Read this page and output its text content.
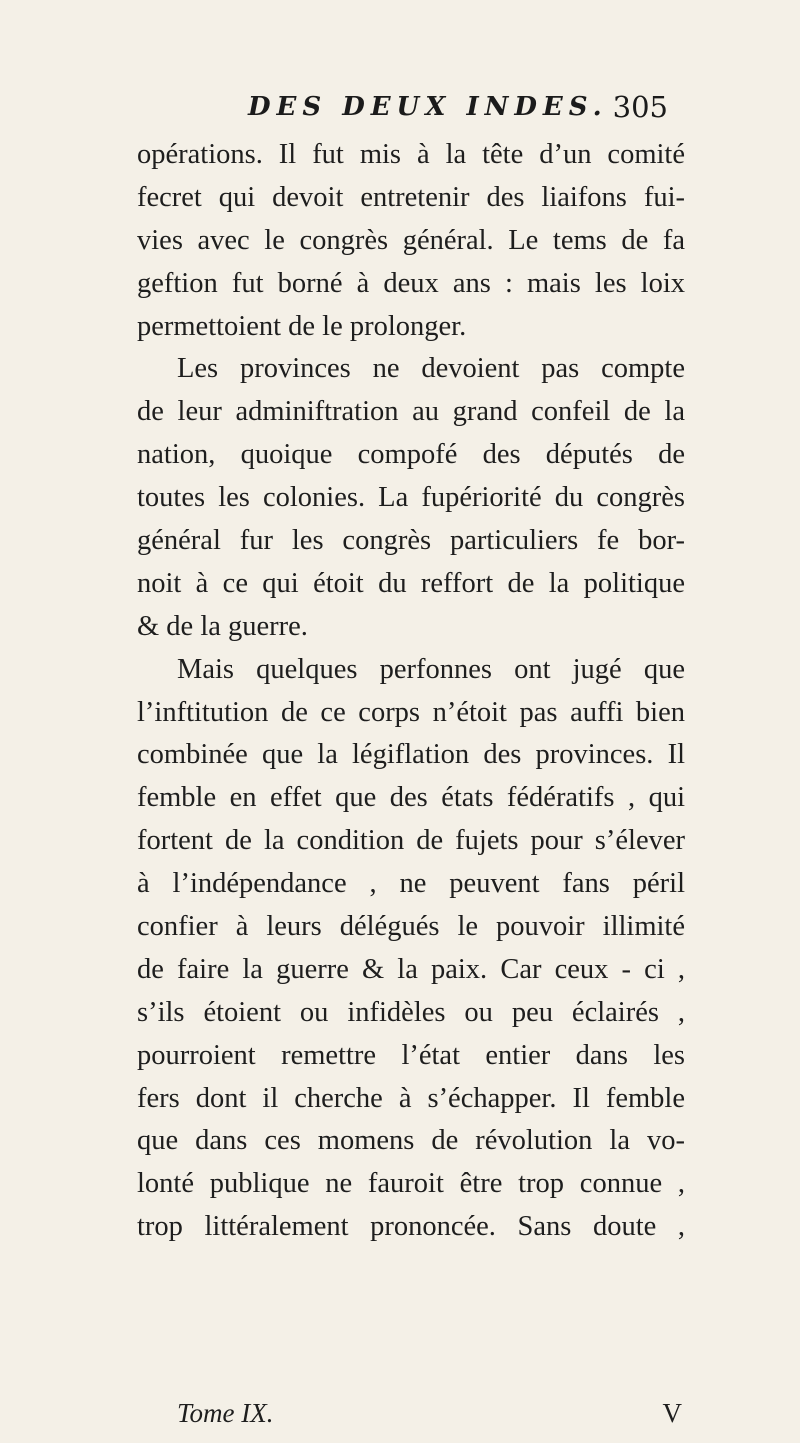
DES DEUX INDES. 305
opérations. Il fut mis à la tête d’un comité
fecret qui devoit entretenir des liaifons fui-
vies avec le congrès général. Le tems de fa
geftion fut borné à deux ans : mais les loix
permettoient de le prolonger.
Les provinces ne devoient pas compte
de leur adminiftration au grand confeil de la
nation, quoique compofé des députés de
toutes les colonies. La fupériorité du congrès
général fur les congrès particuliers fe bor-
noit à ce qui étoit du reffort de la politique
& de la guerre.
Mais quelques perfonnes ont jugé que
l’inftitution de ce corps n’étoit pas auffi bien
combinée que la légiflation des provinces. Il
femble en effet que des états fédératifs , qui
fortent de la condition de fujets pour s’élever
à l’indépendance , ne peuvent fans péril
confier à leurs délégués le pouvoir illimité
de faire la guerre & la paix. Car ceux - ci ,
s’ils étoient ou infidèles ou peu éclairés ,
pourroient remettre l’état entier dans les
fers dont il cherche à s’échapper. Il femble
que dans ces momens de révolution la vo-
lonté publique ne fauroit être trop connue ,
trop littéralement prononcée. Sans doute ,
Tome IX.	V
